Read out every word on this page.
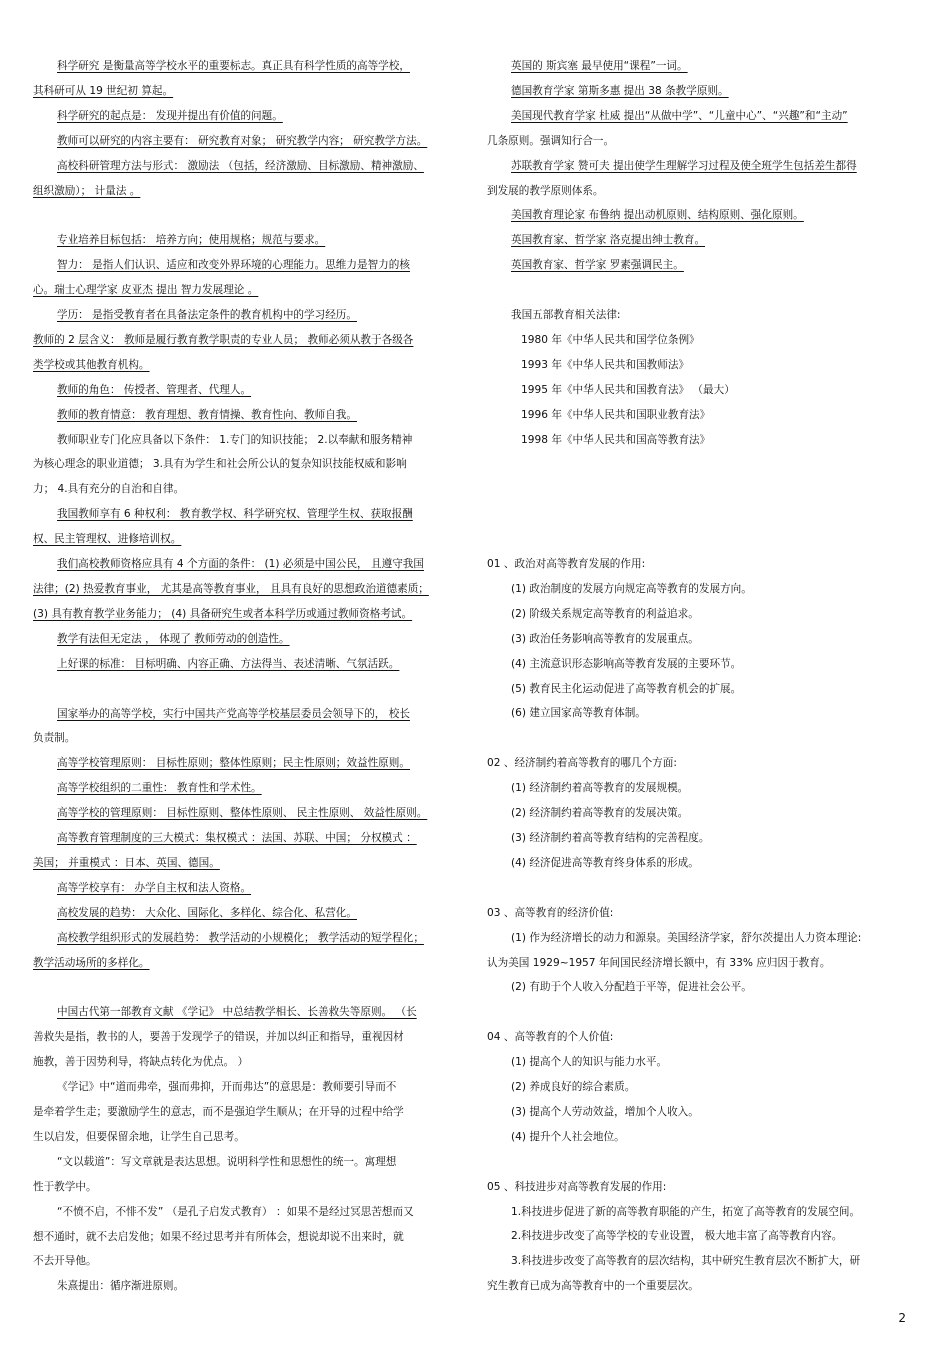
科学研究 是衡量高等学校水平的重要标志。真正具有科学性质的高等学校，

其科研可从 19 世纪初 算起。

科学研究的起点是： 发现并提出有价值的问题。

教师可以研究的内容主要有： 研究教育对象； 研究教学内容； 研究教学方法。

高校科研管理方法与形式： 激励法 （包括，经济激励、目标激励、精神激励、

组织激励）； 计量法 。

专业培养目标包括： 培养方向；使用规格；规范与要求。

智力： 是指人们认识、适应和改变外界环境的心理能力。思维力是智力的核

心。瑞士心理学家 皮亚杰 提出 智力发展理论 。

学历： 是指受教育者在具备法定条件的教育机构中的学习经历。

教师的 2 层含义： 教师是履行教育教学职责的专业人员； 教师必须从教于各级各

类学校或其他教育机构。

教师的角色： 传授者、管理者、代理人。

教师的教育情意： 教育理想、教育情操、教育性向、教师自我。

教师职业专门化应具备以下条件： 1.专门的知识技能； 2.以奉献和服务精神

为核心理念的职业道德； 3.具有为学生和社会所公认的复杂知识技能权威和影响

力； 4.具有充分的自治和自律。

我国教师享有 6 种权利： 教育教学权、科学研究权、管理学生权、获取报酬

权、民主管理权、进修培训权。

我们高校教师资格应具有 4 个方面的条件： (1) 必须是中国公民， 且遵守我国

法律；(2) 热爱教育事业， 尤其是高等教育事业， 且具有良好的思想政治道德素质；

(3) 具有教育教学业务能力； (4) 具备研究生或者本科学历或通过教师资格考试。

教学有法但无定法 ， 体现了 教师劳动的创造性。

上好课的标准： 目标明确、内容正确、方法得当、表述清晰、气氛活跃。

国家举办的高等学校，实行中国共产党高等学校基层委员会领导下的， 校长

负责制。

高等学校管理原则： 目标性原则；整体性原则；民主性原则；效益性原则。

高等学校组织的二重性： 教育性和学术性。

高等学校的管理原则： 目标性原则、整体性原则、 民主性原则、 效益性原则。

高等教育管理制度的三大模式：集权模式 ：法国、苏联、中国； 分权模式 ：

美国； 并重模式 ：日本、英国、德国。

高等学校享有： 办学自主权和法人资格。

高校发展的趋势： 大众化、国际化、多样化、综合化、私营化。

高校教学组织形式的发展趋势： 教学活动的小规模化； 教学活动的短学程化；

教学活动场所的多样化。

中国古代第一部教育文献 《学记》 中总结教学相长、长善救失等原则。 （长

善救失是指，教书的人，要善于发现学子的错误，并加以纠正和指导，重视因材

施教，善于因势利导，将缺点转化为优点。 ）

《学记》中“道而弗牵，强而弗抑，开而弗达”的意思是：教师要引导而不

是牵着学生走；要激励学生的意志，而不是强迫学生顺从；在开导的过程中给学

生以启发，但要保留余地，让学生自己思考。

“文以载道”：写文章就是表达思想。说明科学性和思想性的统一。寓理想

性于教学中。

“不愤不启，不悱不发” （是孔子启发式教育） ：如果不是经过冥思苦想而又

想不通时，就不去启发他；如果不经过思考并有所体会，想说却说不出来时，就

不去开导他。

朱熹提出：循序渐进原则。

英国的 斯宾塞 最早使用“课程”一词。

德国教育学家 第斯多惠 提出 38 条教学原则。

美国现代教育学家 杜威 提出“从做中学”、“儿童中心”、“兴趣”和“主动”

几条原则。强调知行合一。

苏联教育学家 赞可夫 提出使学生理解学习过程及使全班学生包括差生都得

到发展的教学原则体系。

美国教育理论家 布鲁纳 提出动机原则、结构原则、强化原则。

英国教育家、哲学家 洛克提出绅士教育。

英国教育家、哲学家 罗素强调民主。

我国五部教育相关法律:

1980 年《中华人民共和国学位条例》

1993 年《中华人民共和国教师法》

1995 年《中华人民共和国教育法》 （最大）

1996 年《中华人民共和国职业教育法》

1998 年《中华人民共和国高等教育法》

01 、政治对高等教育发展的作用:

(1) 政治制度的发展方向规定高等教育的发展方向。

(2) 阶级关系规定高等教育的利益追求。

(3) 政治任务影响高等教育的发展重点。

(4) 主流意识形态影响高等教育发展的主要环节。

(5) 教育民主化运动促进了高等教育机会的扩展。

(6) 建立国家高等教育体制。

02 、经济制约着高等教育的哪几个方面:

(1) 经济制约着高等教育的发展规模。

(2) 经济制约着高等教育的发展决策。

(3) 经济制约着高等教育结构的完善程度。

(4) 经济促进高等教育终身体系的形成。

03 、高等教育的经济价值:

(1) 作为经济增长的动力和源泉。美国经济学家，舒尔茨提出人力资本理论:

认为美国 1929~1957 年间国民经济增长额中，有 33% 应归因于教育。

(2) 有助于个人收入分配趋于平等，促进社会公平。

04 、高等教育的个人价值:

(1) 提高个人的知识与能力水平。

(2) 养成良好的综合素质。

(3) 提高个人劳动效益，增加个人收入。

(4) 提升个人社会地位。

05 、科技进步对高等教育发展的作用:

1.科技进步促进了新的高等教育职能的产生，拓宽了高等教育的发展空间。

2.科技进步改变了高等学校的专业设置， 极大地丰富了高等教育内容。

3.科技进步改变了高等教育的层次结构，其中研究生教育层次不断扩大，研

究生教育已成为高等教育中的一个重要层次。

2
